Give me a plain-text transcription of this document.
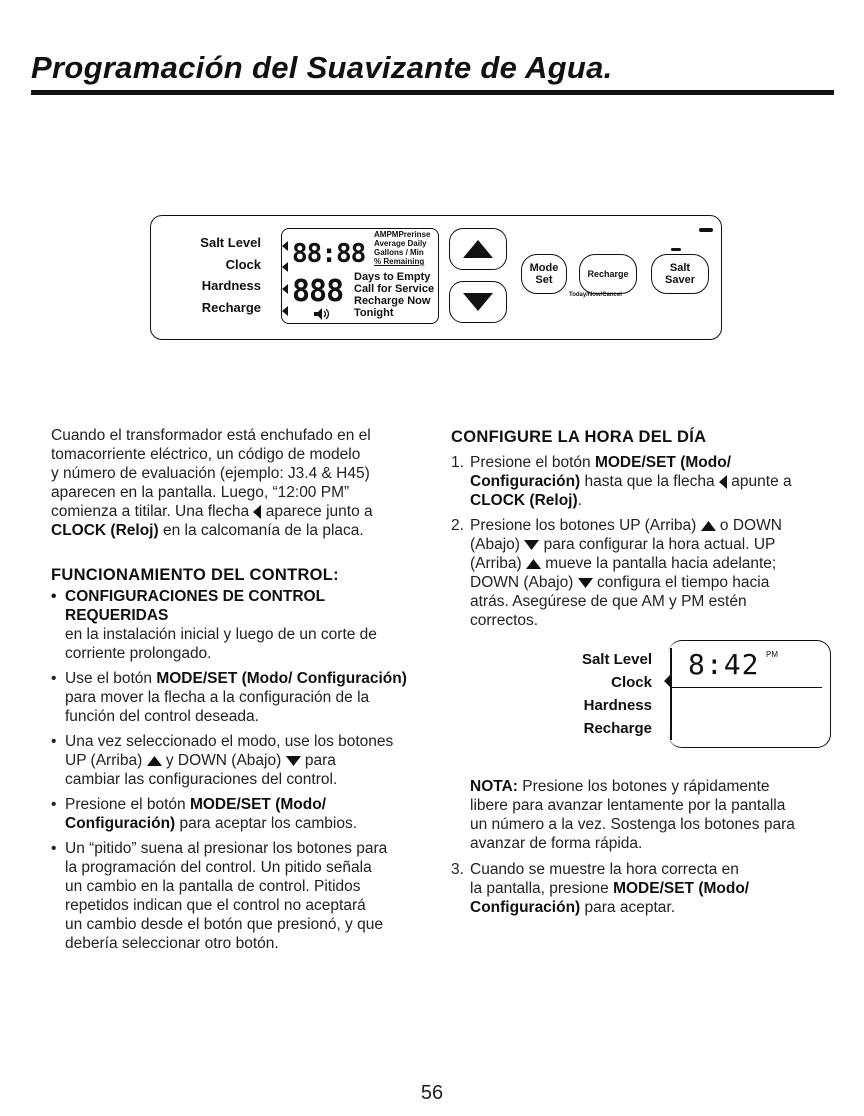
Programación del Suavizante de Agua.
Salt Level
Clock
Hardness
Recharge
88:88
888
AMPMPrerinse
Average Daily
Gallons / Min
% Remaining
Days to Empty
Call for Service
Recharge Now
Tonight
Mode
Set	Recharge
Today/Now/Cancel
Salt
Saver
Cuando el transformador está enchufado en el
tomacorriente eléctrico, un código de modelo
y número de evaluación (ejemplo: J3.4 & H45)
aparecen en la pantalla. Luego, “12:00 PM”
comienza a titilar. Una flecha aparece junto a
CLOCK (Reloj) en la calcomanía de la placa.
FUNCIONAMIENTO DEL CONTROL:
• CONFIGURACIONES DE CONTROL REQUERIDAS
en la instalación inicial y luego de un corte de
corriente prolongado.
• Use el botón MODE/SET (Modo/ Configuración)
para mover la flecha a la configuración de la
función del control deseada.
• Una vez seleccionado el modo, use los botones
UP (Arriba) y DOWN (Abajo) para
cambiar las configuraciones del control.
• Presione el botón MODE/SET (Modo/
Configuración) para aceptar los cambios.
• Un “pitido” suena al presionar los botones para
la programación del control. Un pitido señala
un cambio en la pantalla de control. Pitidos
repetidos indican que el control no aceptará
un cambio desde el botón que presionó, y que
debería seleccionar otro botón.
CONFIGURE LA HORA DEL DÍA
1. Presione el botón MODE/SET (Modo/
Configuración) hasta que la flecha apunte a
CLOCK (Reloj).
2. Presione los botones UP (Arriba) o DOWN
(Abajo) para configurar la hora actual. UP
(Arriba) mueve la pantalla hacia adelante;
DOWN (Abajo) configura el tiempo hacia
atrás. Asegúrese de que AM y PM estén
correctos.
Salt Level
Clock
Hardness
Recharge
8:42 PM
NOTA: Presione los botones y rápidamente
libere para avanzar lentamente por la pantalla
un número a la vez. Sostenga los botones para
avanzar de forma rápida.
3. Cuando se muestre la hora correcta en
la pantalla, presione MODE/SET (Modo/
Configuración) para aceptar.
56
